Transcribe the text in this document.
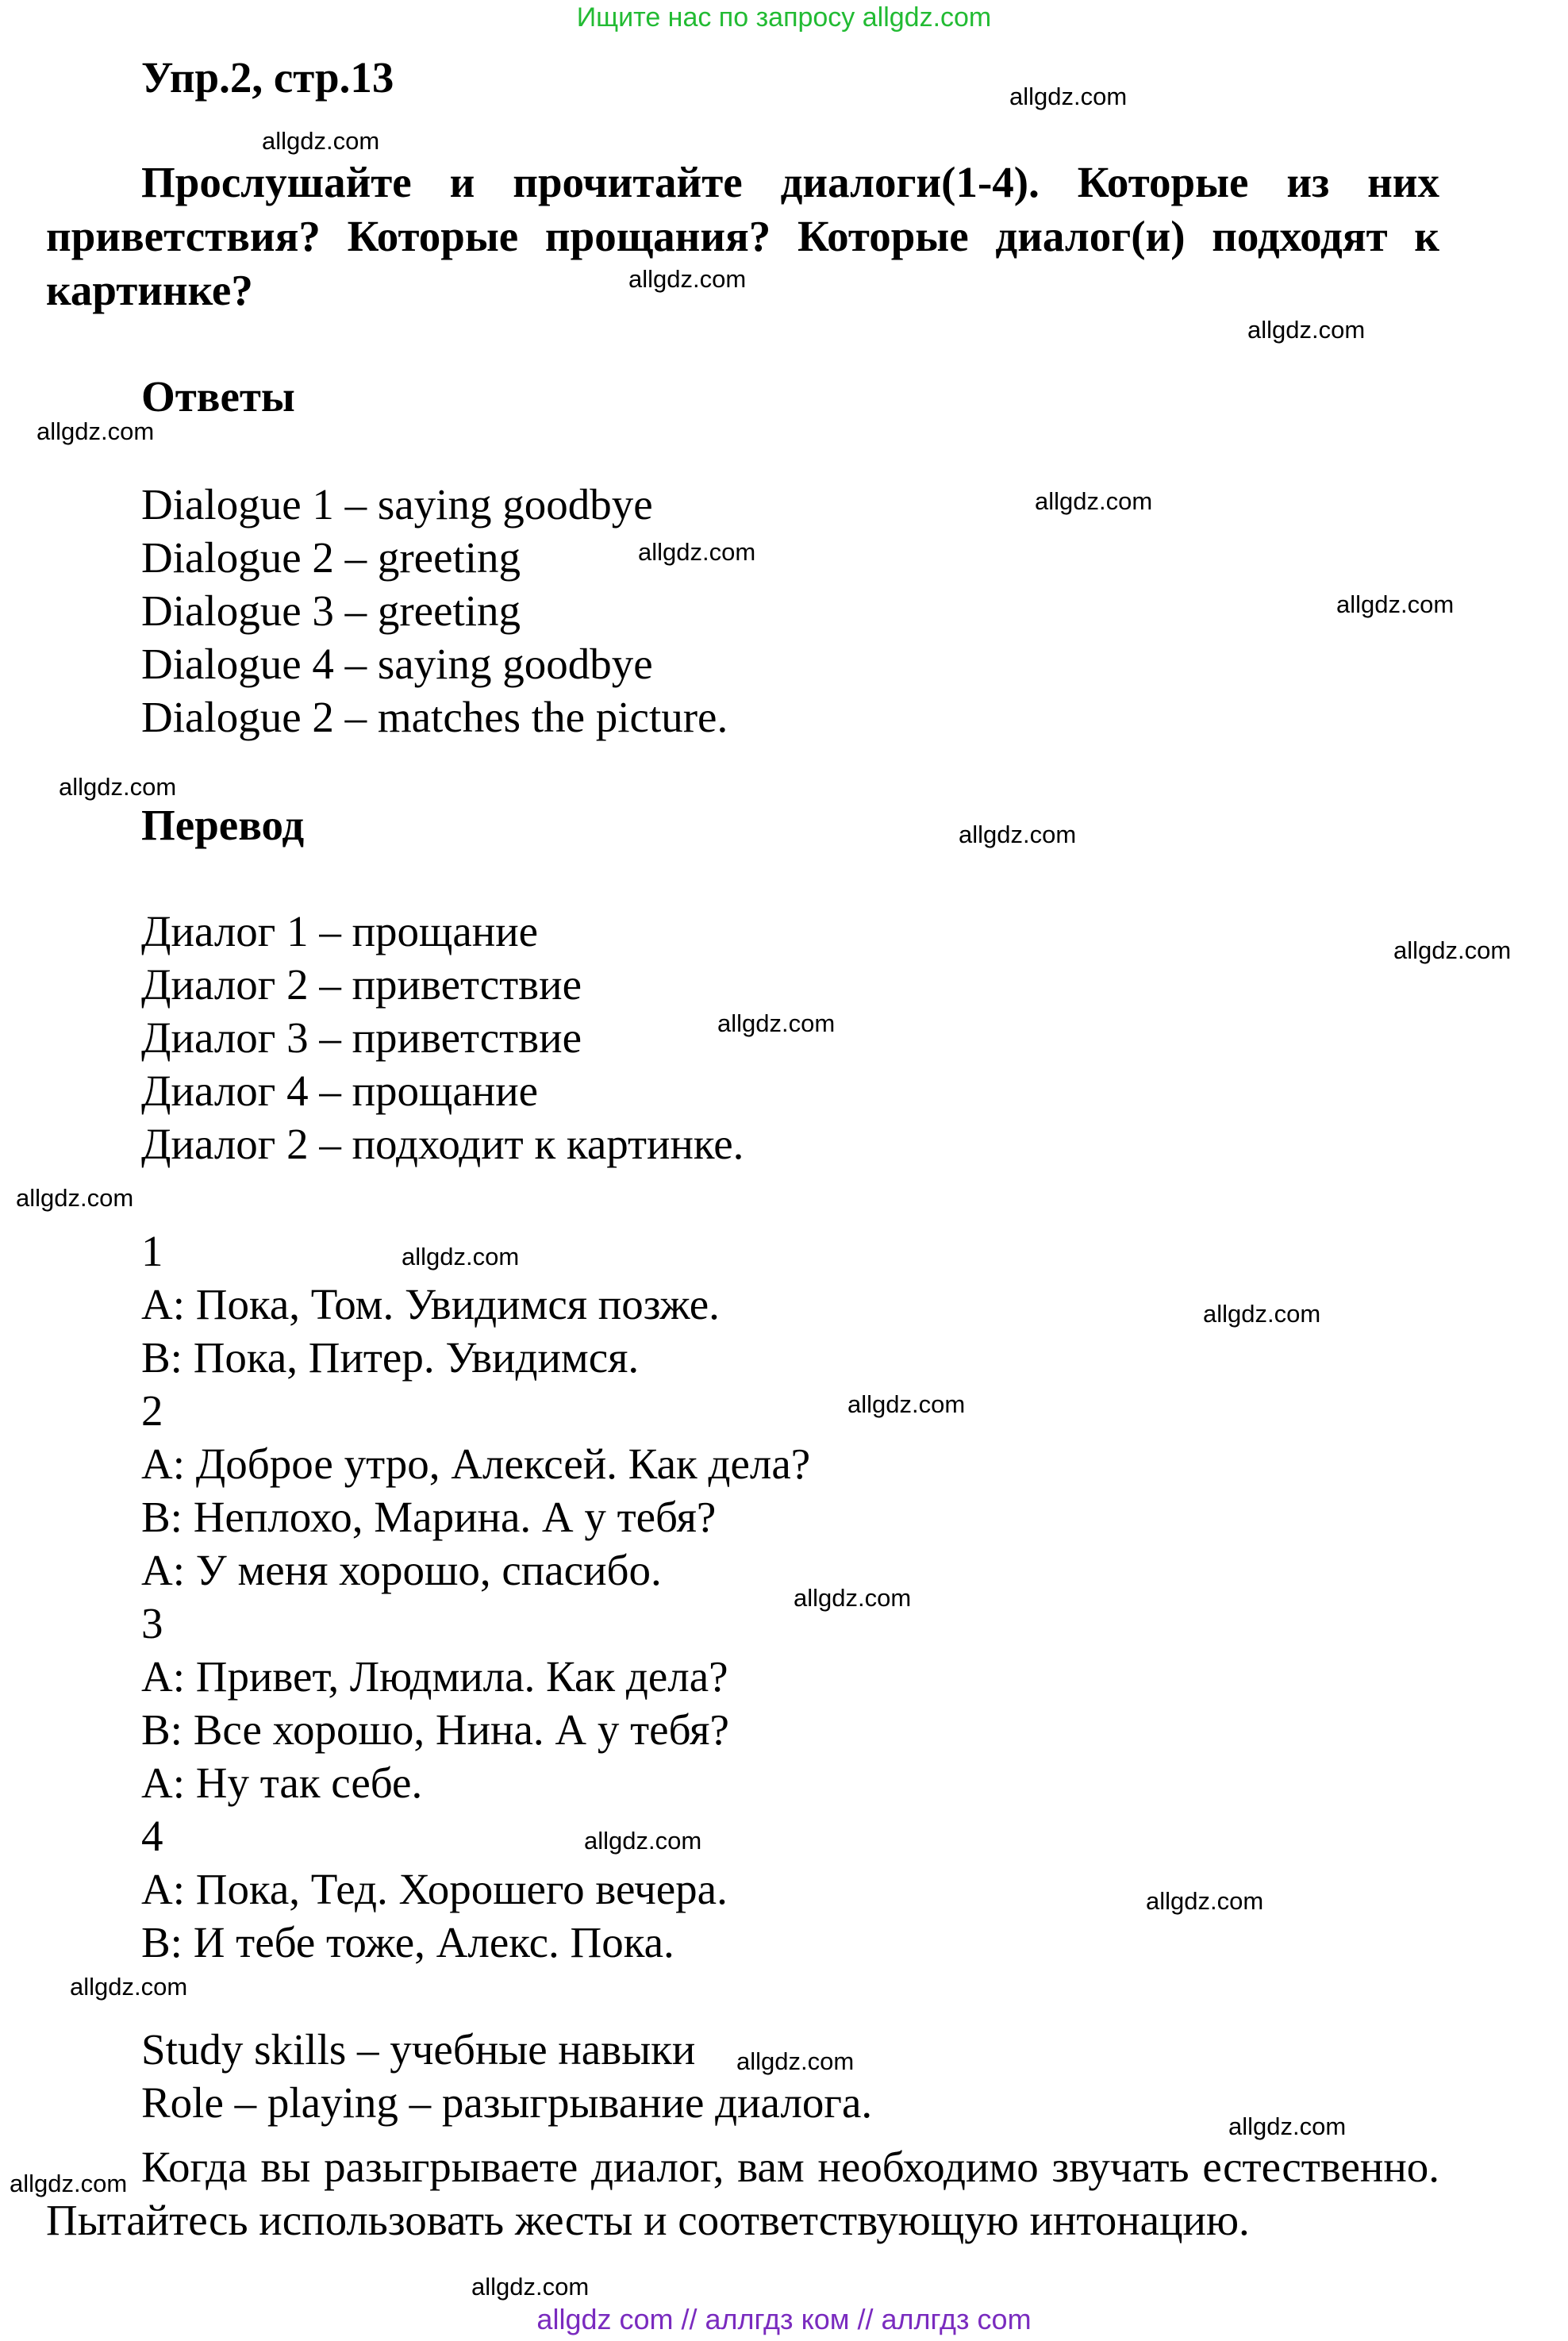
Ищите нас по запросу allgdz.com
Упр.2, стр.13
Прослушайте и прочитайте диалоги(1-4). Которые из них приветствия? Которые прощания? Которые диалог(и) подходят к картинке?
Ответы
Dialogue 1 – saying goodbye
Dialogue 2 – greeting
Dialogue 3 – greeting
Dialogue 4 – saying goodbye
Dialogue 2 – matches the picture.
Перевод
Диалог 1 – прощание
Диалог 2 – приветствие
Диалог 3 – приветствие
Диалог 4 – прощание
Диалог 2 – подходит к картинке.
1
A: Пока, Том. Увидимся позже.
B: Пока, Питер. Увидимся.
2
A: Доброе утро, Алексей. Как дела?
B: Неплохо, Марина. А у тебя?
A: У меня хорошо, спасибо.
3
A: Привет, Людмила. Как дела?
B: Все хорошо, Нина. А у тебя?
A: Ну так себе.
4
A: Пока, Тед. Хорошего вечера.
B: И тебе тоже, Алекс. Пока.
Study skills – учебные навыки
Role – playing – разыгрывание диалога.
Когда вы разыгрываете диалог, вам необходимо звучать естественно. Пытайтесь использовать жесты и соответствующую интонацию.
allgdz.com
allgdz.com
allgdz.com
allgdz.com
allgdz.com
allgdz.com
allgdz.com
allgdz.com
allgdz.com
allgdz.com
allgdz.com
allgdz.com
allgdz.com
allgdz.com
allgdz.com
allgdz.com
allgdz.com
allgdz.com
allgdz.com
allgdz.com
allgdz.com
allgdz.com
allgdz.com
allgdz.com
allgdz com // аллгдз ком // аллгдз com
